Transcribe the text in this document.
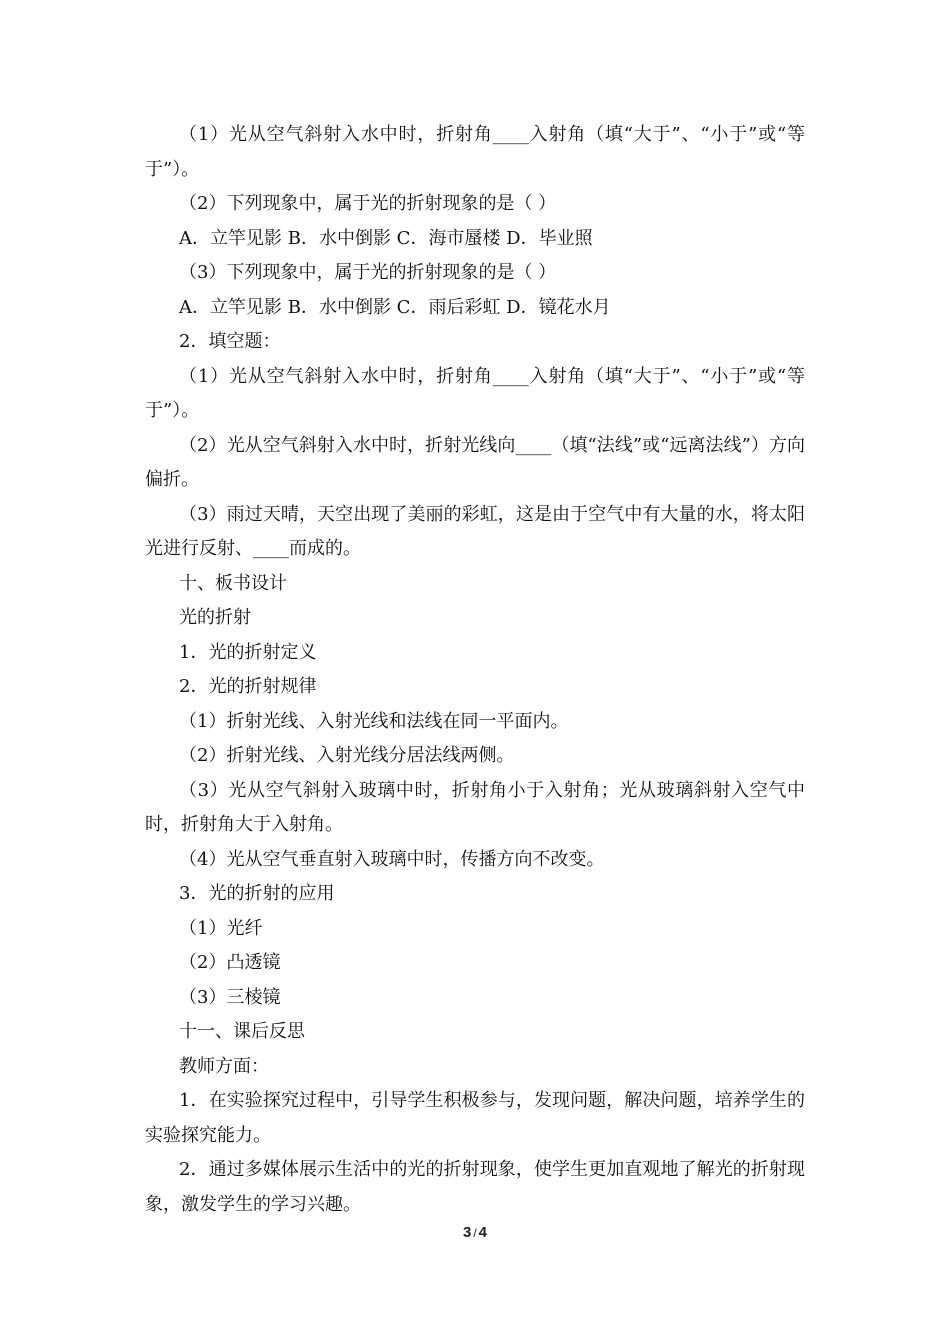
（1）光从空气斜射入水中时，折射角____入射角（填“大于”、“小于”或“等于”）。

（2）下列现象中，属于光的折射现象的是（ ）

A．立竿见影 B．水中倒影 C．海市蜃楼 D．毕业照

（3）下列现象中，属于光的折射现象的是（ ）

A．立竿见影 B．水中倒影 C．雨后彩虹 D．镜花水月

2．填空题：

（1）光从空气斜射入水中时，折射角____入射角（填“大于”、“小于”或“等于”）。

（2）光从空气斜射入水中时，折射光线向____（填“法线”或“远离法线”）方向偏折。

（3）雨过天晴，天空出现了美丽的彩虹，这是由于空气中有大量的水，将太阳光进行反射、____而成的。

十、板书设计

光的折射

1．光的折射定义

2．光的折射规律

（1）折射光线、入射光线和法线在同一平面内。

（2）折射光线、入射光线分居法线两侧。

（3）光从空气斜射入玻璃中时，折射角小于入射角；光从玻璃斜射入空气中时，折射角大于入射角。

（4）光从空气垂直射入玻璃中时，传播方向不改变。

3．光的折射的应用

（1）光纤

（2）凸透镜

（3）三棱镜

十一、课后反思

教师方面：

1．在实验探究过程中，引导学生积极参与，发现问题，解决问题，培养学生的实验探究能力。

2．通过多媒体展示生活中的光的折射现象，使学生更加直观地了解光的折射现象，激发学生的学习兴趣。

3 / 4
